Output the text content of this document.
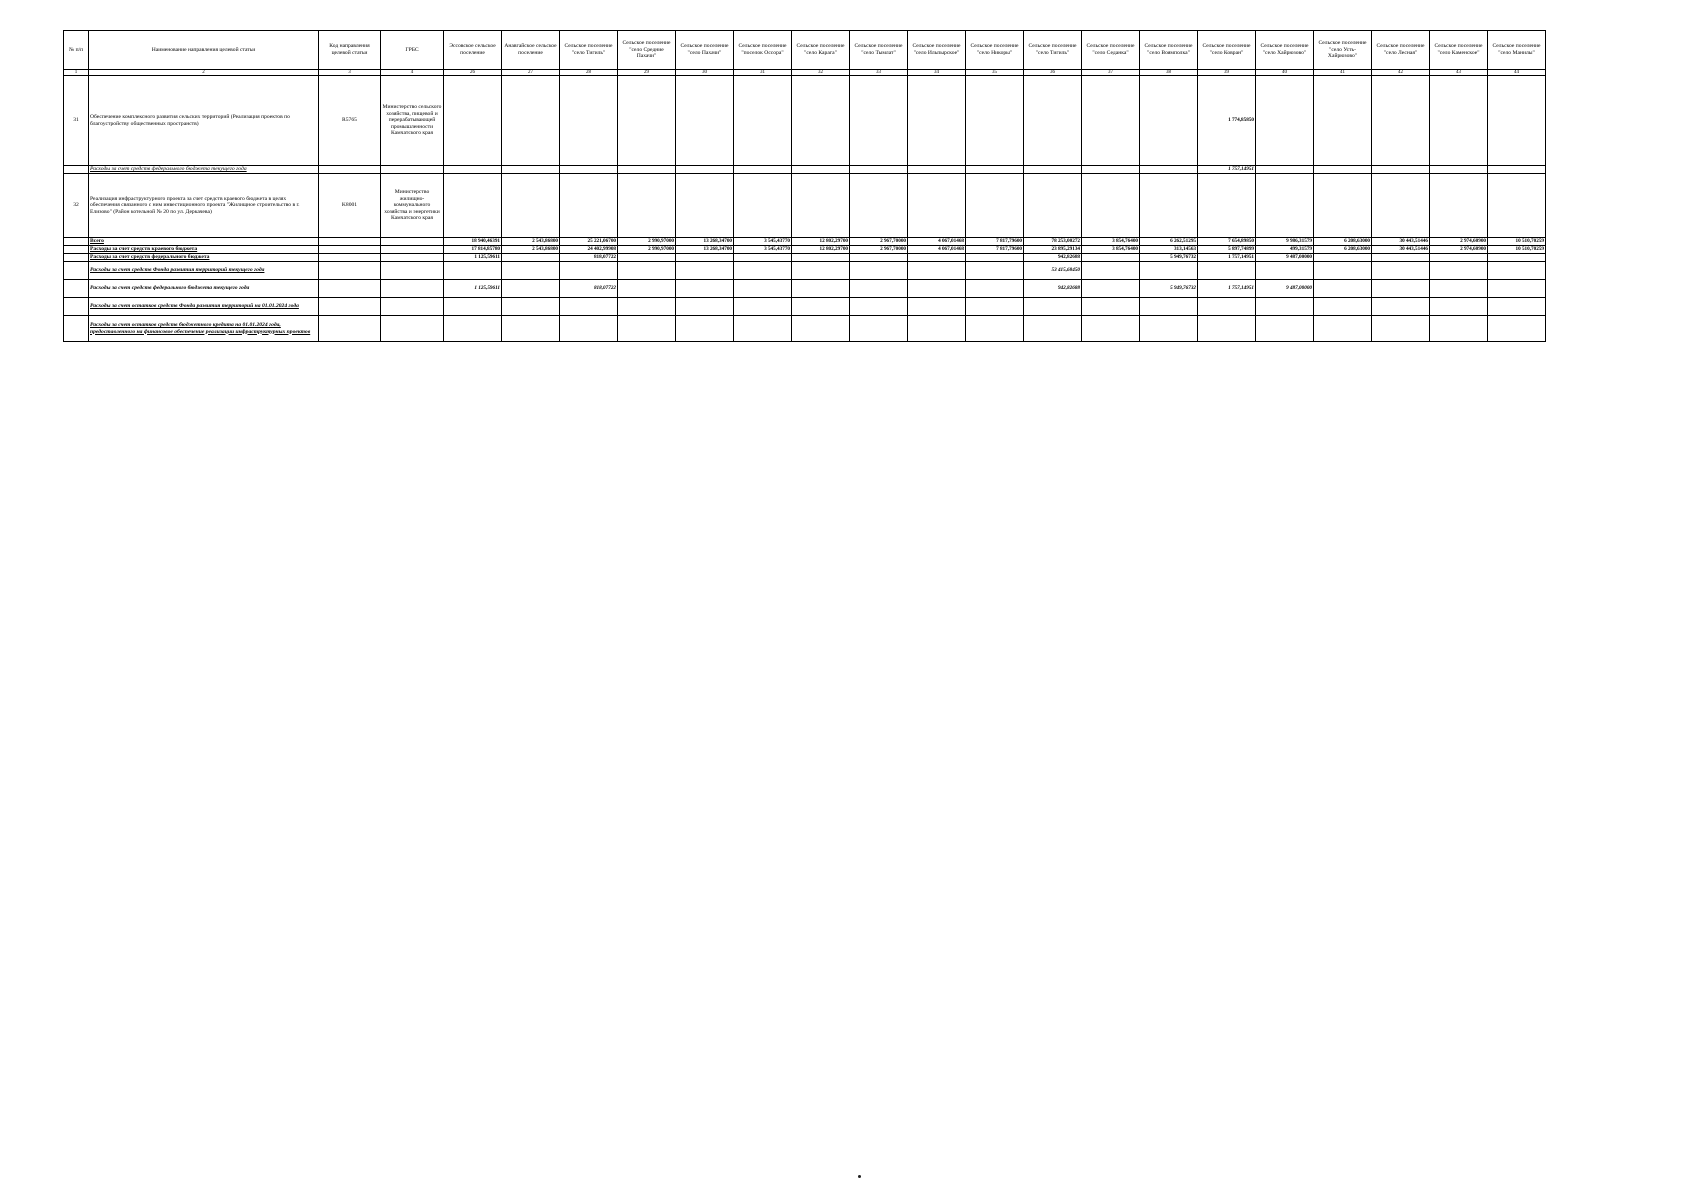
№ п/п	Наименование направления целевой статьи	Код направления целевой статьи	ГРБС	Эссовское сельское поселение	Анавгайское сельское поселение	Сельское поселение "село Тигиль"	Сельское поселение "село Средние Пахачи"	Сельское поселение "село Пахачи"	Сельское поселение "поселок Оссора"	Сельское поселение "село Карага"	Сельское поселение "село Тымлат"	Сельское поселение "село Ильпырское"	Сельское поселение "село Никоры"	Сельское поселение "село Тигиль"	Сельское поселение "село Седанка"	Сельское поселение "село Воямполка"	Сельское поселение "село Ковран"	Сельское поселение "село Хайрюзово"	Сельское поселение "село Усть-Хайрюзово"	Сельское поселение "село Лесная"	Сельское поселение "село Каменское"	Сельское поселение "село Манилы"
1	2	3	4	26	27	28	29	30	31	32	33	34	35	36	37	38	39	40	41	42	43	44
31	Обеспечение комплексного развития сельских территорий (Реализация проектов по благоустройству общественных пространств)	R5765	Министерство сельского хозяйства, пищевой и перерабатывающей промышленности Камчатского края														1 774,85850					
	Расходы за счет средств федерального бюджета текущего года																1 757,14951					
32	Реализация инфраструктурного проекта за счет средств краевого бюджета в целях обеспечения связанного с ним инвестиционного проекта "Жилищное строительство в г. Елизово" (Район котельной № 20 по ул. Деркачева)	K8001	Министерство жилищно-коммунального хозяйства и энергетики Камчатского края																			
	Всего			18 940,46391	2 543,86800	25 221,06700	2 990,97000	13 268,34700	3 545,43770	12 802,29700	2 967,70000	4 067,01468	7 817,79600	78 253,00272	3 854,76400	6 262,51295	7 654,89850	9 986,31579	6 208,63000	30 443,51446	2 974,60900	10 510,70259
	Расходы за счет средств краевого бюджета			17 814,85780	2 543,86800	24 402,99908	2 990,97000	13 268,34700	3 545,43770	12 802,29700	2 967,70000	4 067,01468	7 817,79600	23 895,29134	3 854,76400	313,14563	5 897,74899	499,31579	6 208,63000	30 443,51446	2 974,60900	10 510,70259
	Расходы за счет средств федерального бюджета			1 125,59611		818,07722								942,82688		5 949,76732	1 757,14951	9 487,00000				
	Расходы за счет средств Фонда развития территорий текущего года													53 415,68450								
	Расходы за счет средств федерального бюджета текущего года			1 125,59611		818,07722								942,82688		5 949,76732	1 757,14951	9 487,00000				
	Расходы за счет остатков средств Фонда развития территорий на 01.01.2024 года																					
	Расходы за счет остатков средств бюджетного кредита на 01.01.2024 года, предоставленного на финансовое обеспечение реализации инфраструктурных проектов																					
